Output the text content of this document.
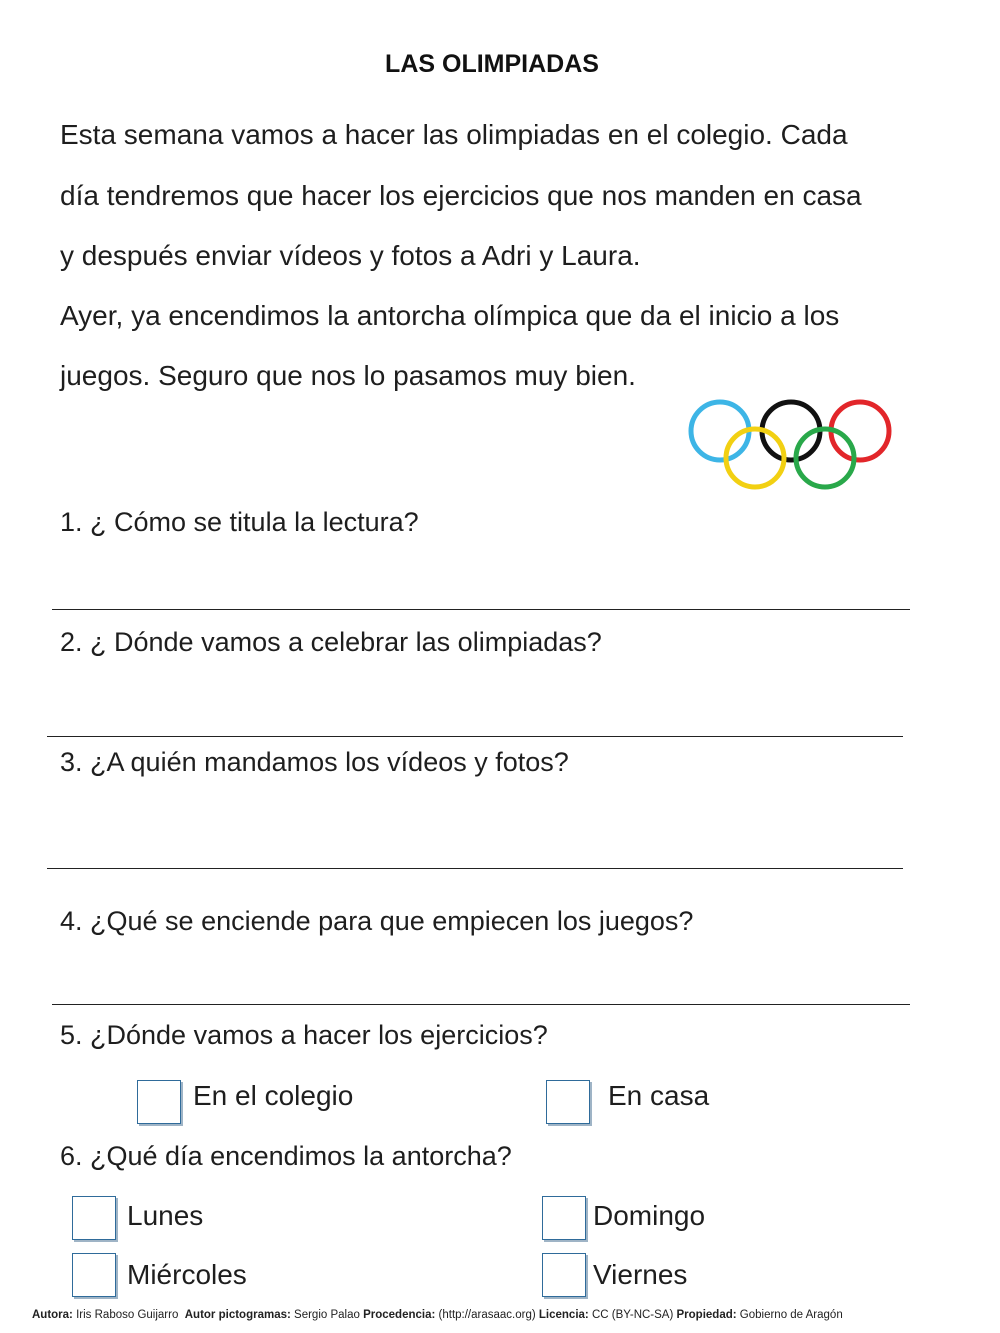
LAS OLIMPIADAS
Esta semana vamos a hacer las olimpiadas en el colegio. Cada
día tendremos que hacer los ejercicios que nos manden en casa
y después enviar vídeos y fotos a Adri y Laura.
Ayer, ya encendimos la antorcha olímpica que da el inicio a los
juegos. Seguro que nos lo pasamos muy bien.
1. ¿ Cómo se titula la lectura?
2. ¿ Dónde vamos a celebrar las olimpiadas?
3. ¿A quién mandamos los vídeos y fotos?
4. ¿Qué se enciende para que empiecen los juegos?
5. ¿Dónde vamos a hacer los ejercicios?
En el colegio	En casa
6. ¿Qué día encendimos la antorcha?
Lunes	Domingo
Miércoles	Viernes
Autora: Iris Raboso Guijarro Autor pictogramas: Sergio Palao Procedencia: (http://arasaac.org) Licencia: CC (BY-NC-SA) Propiedad: Gobierno de Aragón
